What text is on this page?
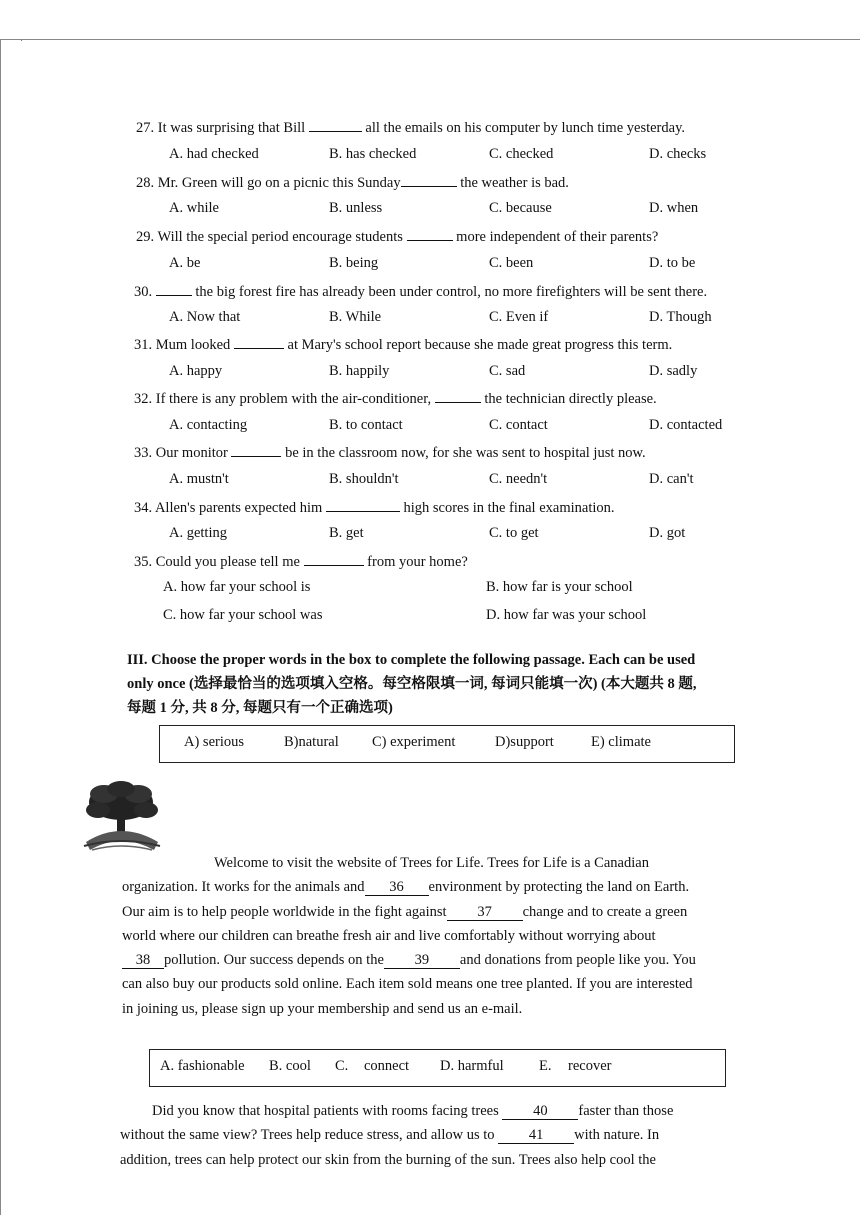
27. It was surprising that Bill	all the emails on his computer by lunch time yesterday.
A. had checked	B. has checked	C. checked	D. checks
28. Mr. Green will go on a picnic this Sunday	the weather is bad.
A. while	B. unless	C. because	D. when
29. Will the special period encourage students	more independent of their parents?
A. be	B. being	C. been	D. to be
30.  the big forest fire has already been under control, no more firefighters will be sent there.
A. Now that	B. While	C. Even if	D. Though
31. Mum looked	at Mary's school report because she made great progress this term.
A. happy	B. happily	C. sad	D. sadly
32. If there is any problem with the air-conditioner,	the technician directly please.
A. contacting	B. to contact	C. contact	D. contacted
33. Our monitor	be in the classroom now, for she was sent to hospital just now.
A. mustn't	B. shouldn't	C. needn't	D. can't
34. Allen's parents expected him	high scores in the final examination.
A. getting	B. get	C. to get	D. got
35. Could you please tell me	from your home?
A. how far your school is	B. how far is your school
C. how far your school was	D. how far was your school
III. Choose the proper words in the box to complete the following passage. Each can be used
only once (选择最恰当的选项填入空格。每空格限填一词, 每词只能填一次) (本大题共 8 题,
每题 1 分, 共 8 分, 每题只有一个正确选项)
A) serious	B)natural C) experiment	D)support	E) climate
Welcome to visit the website of Trees for Life. Trees for Life is a Canadian
organization. It works for the animals and 36 environment by protecting the land on Earth.
Our aim is to help people worldwide in the fight against 37 change and to create a green
world where our children can breathe fresh air and live comfortably without worrying about
38 pollution. Our success depends on the 39 and donations from people like you. You
can also buy our products sold online. Each item sold means one tree planted. If you are interested
in joining us, please sign up your membership and send us an e-mail.
A. fashionable B. cool C. connect D. harmful E. recover
Did you know that hospital patients with rooms facing trees 40 faster than those
without the same view? Trees help reduce stress, and allow us to 41 with nature. In
addition, trees can help protect our skin from the burning of the sun. Trees also help cool the
